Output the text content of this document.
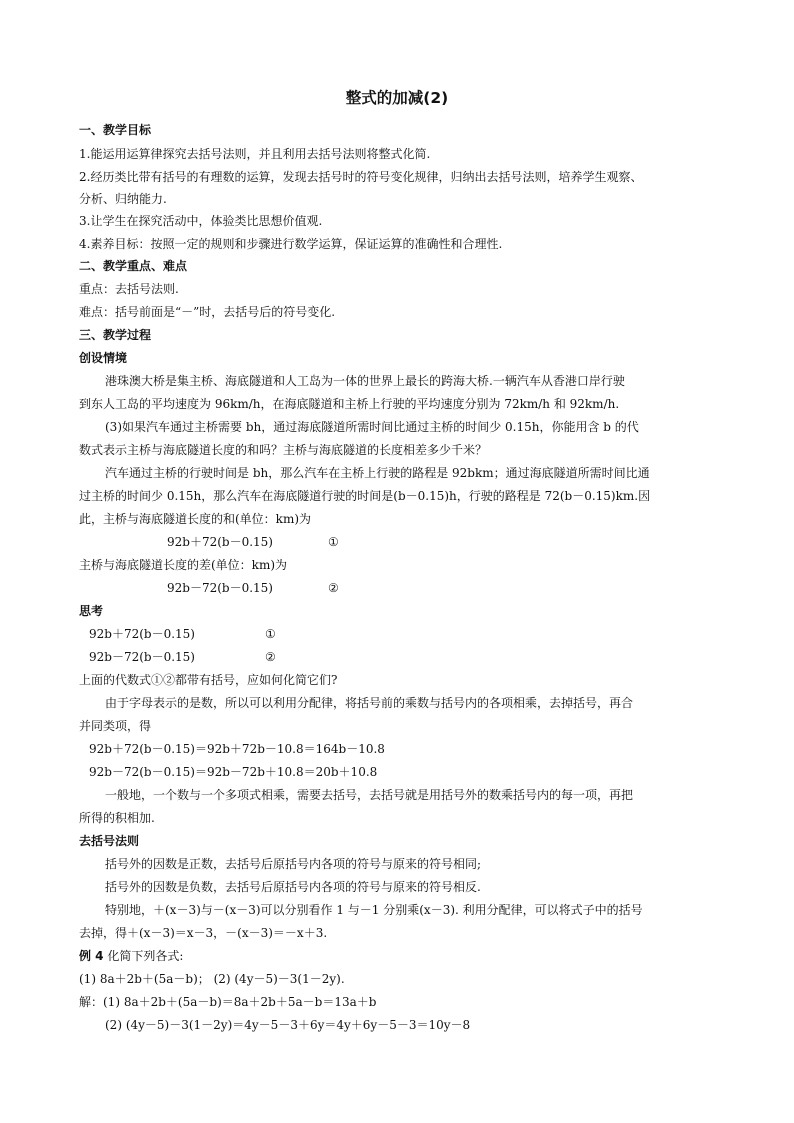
整式的加减(2)
一、教学目标
1.能运用运算律探究去括号法则，并且利用去括号法则将整式化简.
2.经历类比带有括号的有理数的运算，发现去括号时的符号变化规律，归纳出去括号法则，培养学生观察、
分析、归纳能力.
3.让学生在探究活动中，体验类比思想价值观.
4.素养目标：按照一定的规则和步骤进行数学运算，保证运算的准确性和合理性.
二、教学重点、难点
重点：去括号法则.
难点：括号前面是“－”时，去括号后的符号变化.
三、教学过程
创设情境
港珠澳大桥是集主桥、海底隧道和人工岛为一体的世界上最长的跨海大桥.一辆汽车从香港口岸行驶
到东人工岛的平均速度为 96km/h，在海底隧道和主桥上行驶的平均速度分别为 72km/h 和 92km/h.
(3)如果汽车通过主桥需要 bh，通过海底隧道所需时间比通过主桥的时间少 0.15h，你能用含 b 的代
数式表示主桥与海底隧道长度的和吗？主桥与海底隧道的长度相差多少千米？
汽车通过主桥的行驶时间是 bh，那么汽车在主桥上行驶的路程是 92bkm；通过海底隧道所需时间比通
过主桥的时间少 0.15h，那么汽车在海底隧道行驶的时间是(b－0.15)h，行驶的路程是 72(b－0.15)km.因
此，主桥与海底隧道长度的和(单位：km)为
92b＋72(b－0.15)	①
主桥与海底隧道长度的差(单位：km)为
92b－72(b－0.15)	②
思考
92b＋72(b－0.15)	①
92b－72(b－0.15)	②
上面的代数式①②都带有括号，应如何化简它们?
由于字母表示的是数，所以可以利用分配律，将括号前的乘数与括号内的各项相乘，去掉括号，再合
并同类项，得
92b＋72(b－0.15)＝92b＋72b－10.8＝164b－10.8
92b－72(b－0.15)＝92b－72b＋10.8＝20b＋10.8
一般地，一个数与一个多项式相乘，需要去括号，去括号就是用括号外的数乘括号内的每一项，再把
所得的积相加.
去括号法则
括号外的因数是正数，去括号后原括号内各项的符号与原来的符号相同;
括号外的因数是负数，去括号后原括号内各项的符号与原来的符号相反.
特别地，＋(x－3)与－(x－3)可以分别看作 1 与－1 分别乘(x－3). 利用分配律，可以将式子中的括号
去掉，得＋(x－3)＝x－3，－(x－3)＝－x＋3.
例 4 化简下列各式:
(1) 8a＋2b＋(5a－b)； (2) (4y－5)－3(1－2y).
解：(1) 8a＋2b＋(5a－b)＝8a＋2b＋5a－b＝13a＋b
(2) (4y－5)－3(1－2y)＝4y－5－3＋6y＝4y＋6y－5－3＝10y－8
